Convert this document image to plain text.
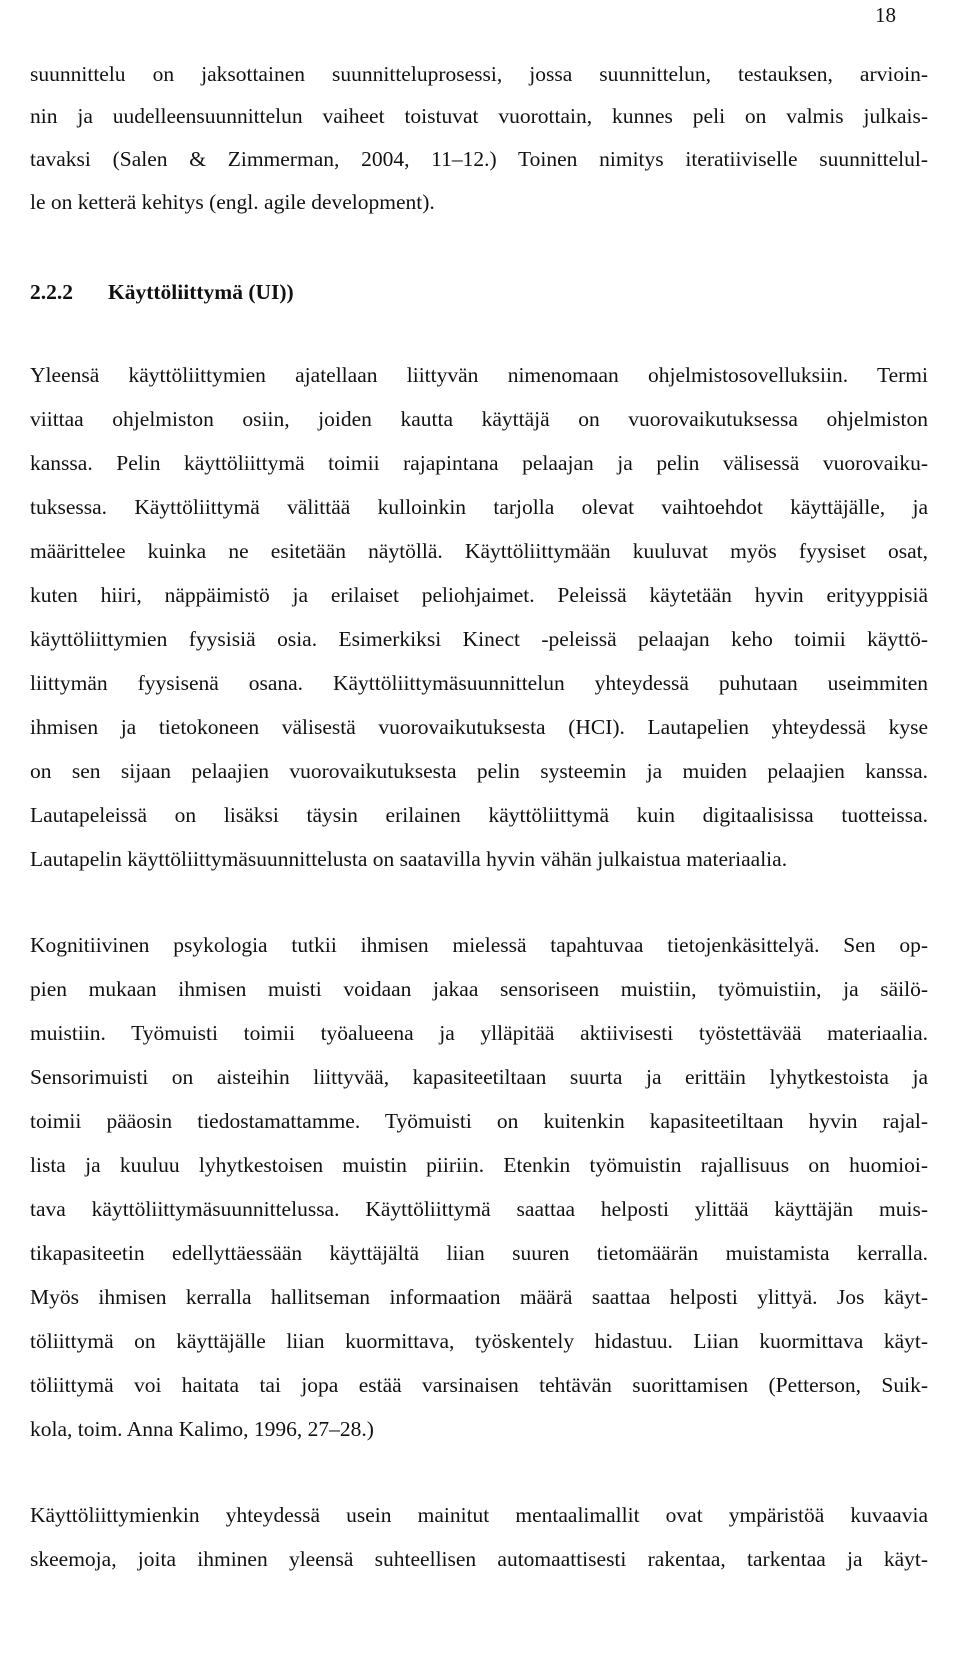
18
suunnittelu on jaksottainen suunnitteluprosessi, jossa suunnittelun, testauksen, arvioin-
nin ja uudelleensuunnittelun vaiheet toistuvat vuorottain, kunnes peli on valmis julkais-
tavaksi (Salen & Zimmerman, 2004, 11–12.) Toinen nimitys iteratiiviselle suunnittelul-
le on ketterä kehitys (engl. agile development).
2.2.2 Käyttöliittymä (UI))
Yleensä käyttöliittymien ajatellaan liittyvän nimenomaan ohjelmistosovelluksiin. Termi
viittaa ohjelmiston osiin, joiden kautta käyttäjä on vuorovaikutuksessa ohjelmiston
kanssa. Pelin käyttöliittymä toimii rajapintana pelaajan ja pelin välisessä vuorovaiku-
tuksessa. Käyttöliittymä välittää kulloinkin tarjolla olevat vaihtoehdot käyttäjälle, ja
määrittelee kuinka ne esitetään näytöllä. Käyttöliittymään kuuluvat myös fyysiset osat,
kuten hiiri, näppäimistö ja erilaiset peliohjaimet. Peleissä käytetään hyvin erityyppisiä
käyttöliittymien fyysisiä osia. Esimerkiksi Kinect -peleissä pelaajan keho toimii käyttö-
liittymän fyysisenä osana. Käyttöliittymäsuunnittelun yhteydessä puhutaan useimmiten
ihmisen ja tietokoneen välisestä vuorovaikutuksesta (HCI). Lautapelien yhteydessä kyse
on sen sijaan pelaajien vuorovaikutuksesta pelin systeemin ja muiden pelaajien kanssa.
Lautapeleissä on lisäksi täysin erilainen käyttöliittymä kuin digitaalisissa tuotteissa.
Lautapelin käyttöliittymäsuunnittelusta on saatavilla hyvin vähän julkaistua materiaalia.
Kognitiivinen psykologia tutkii ihmisen mielessä tapahtuvaa tietojenkäsittelyä. Sen op-
pien mukaan ihmisen muisti voidaan jakaa sensoriseen muistiin, työmuistiin, ja säilö-
muistiin. Työmuisti toimii työalueena ja ylläpitää aktiivisesti työstettävää materiaalia.
Sensorimuisti on aisteihin liittyvää, kapasiteetiltaan suurta ja erittäin lyhytkestoista ja
toimii pääosin tiedostamattamme. Työmuisti on kuitenkin kapasiteetiltaan hyvin rajal-
lista ja kuuluu lyhytkestoisen muistin piiriin. Etenkin työmuistin rajallisuus on huomioi-
tava käyttöliittymäsuunnittelussa. Käyttöliittymä saattaa helposti ylittää käyttäjän muis-
tikapasiteetin edellyttäessään käyttäjältä liian suuren tietomäärän muistamista kerralla.
Myös ihmisen kerralla hallitseman informaation määrä saattaa helposti ylittyä. Jos käyt-
töliittymä on käyttäjälle liian kuormittava, työskentely hidastuu. Liian kuormittava käyt-
töliittymä voi haitata tai jopa estää varsinaisen tehtävän suorittamisen (Petterson, Suik-
kola, toim. Anna Kalimo, 1996, 27–28.)
Käyttöliittymienkin yhteydessä usein mainitut mentaalimallit ovat ympäristöä kuvaavia
skeemoja, joita ihminen yleensä suhteellisen automaattisesti rakentaa, tarkentaa ja käyt-
